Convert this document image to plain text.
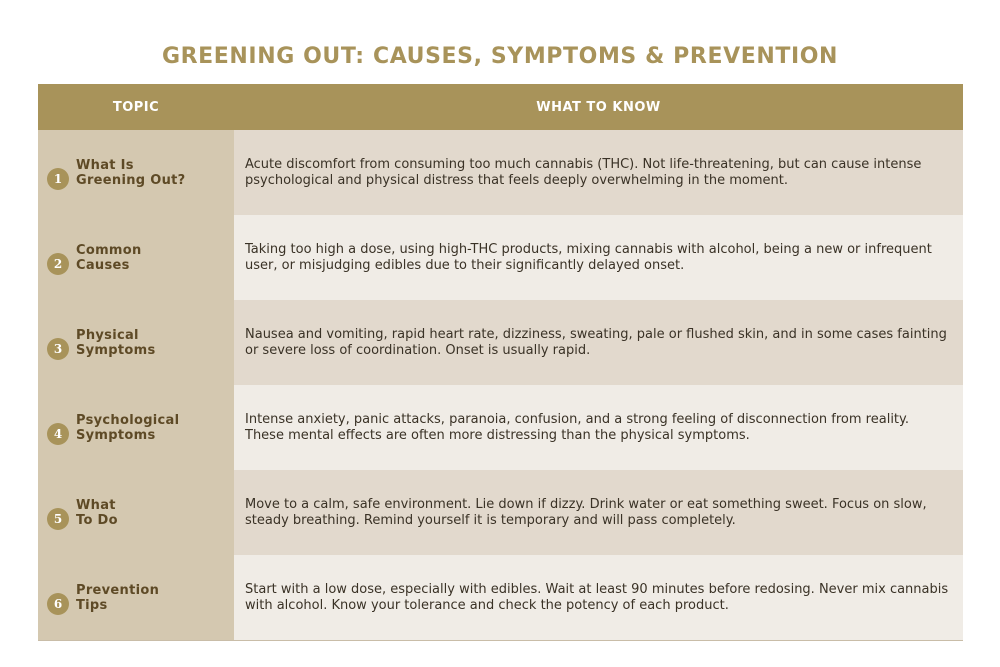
GREENING OUT: CAUSES, SYMPTOMS & PREVENTION
TOPIC	WHAT TO KNOW
1
What Is
Greening Out?
Acute discomfort from consuming too much cannabis (THC). Not life-threatening, but can cause intense psychological and physical distress that feels deeply overwhelming in the moment.
2
Common
Causes
Taking too high a dose, using high-THC products, mixing cannabis with alcohol, being a new or infrequent user, or misjudging edibles due to their significantly delayed onset.
3
Physical
Symptoms
Nausea and vomiting, rapid heart rate, dizziness, sweating, pale or flushed skin, and in some cases fainting or severe loss of coordination. Onset is usually rapid.
4
Psychological
Symptoms
Intense anxiety, panic attacks, paranoia, confusion, and a strong feeling of disconnection from reality. These mental effects are often more distressing than the physical symptoms.
5
What
To Do
Move to a calm, safe environment. Lie down if dizzy. Drink water or eat something sweet. Focus on slow, steady breathing. Remind yourself it is temporary and will pass completely.
6
Prevention
Tips
Start with a low dose, especially with edibles. Wait at least 90 minutes before redosing. Never mix cannabis with alcohol. Know your tolerance and check the potency of each product.
